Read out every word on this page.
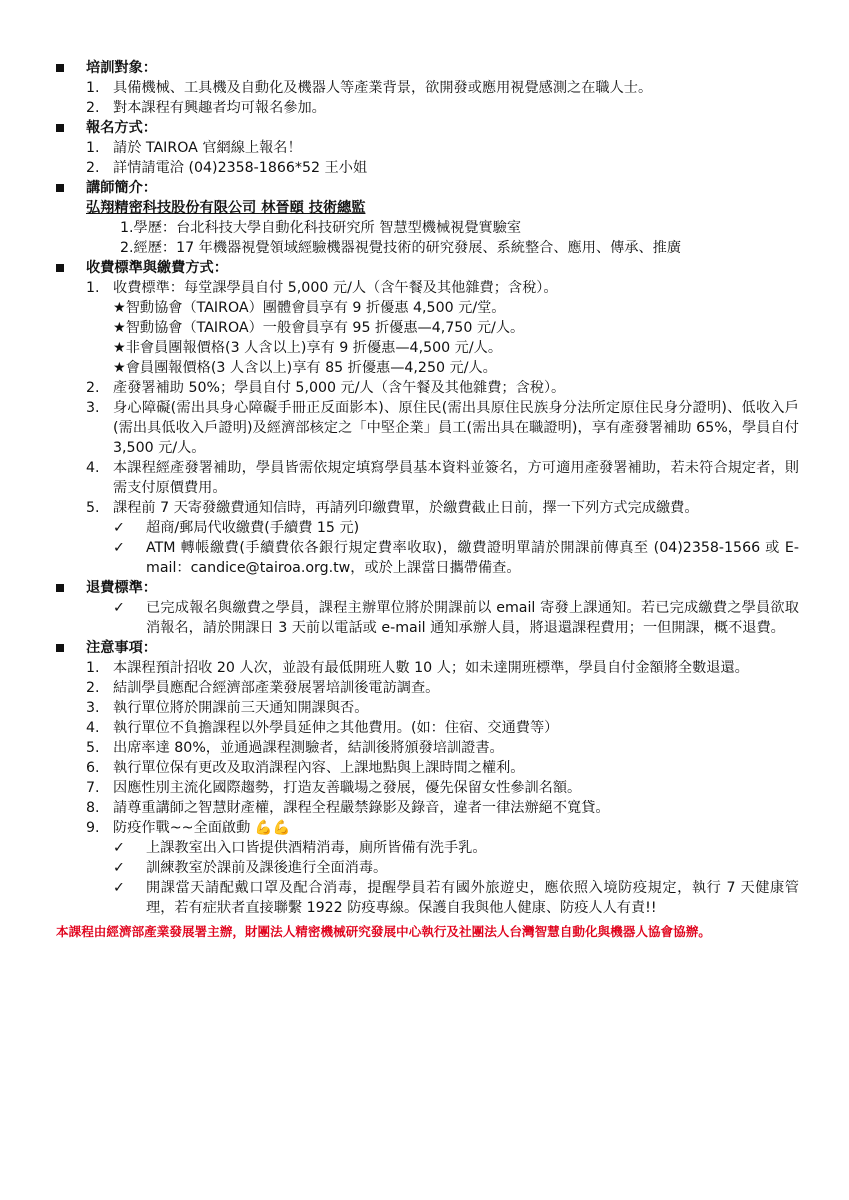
培訓對象：
1. 具備機械、工具機及自動化及機器人等產業背景，欲開發或應用視覺感測之在職人士。
2. 對本課程有興趣者均可報名參加。
報名方式：
1. 請於 TAIROA 官網線上報名！
2. 詳情請電洽 (04)2358-1866*52 王小姐
講師簡介：
弘翔精密科技股份有限公司 林晉頤 技術總監
1.學歷：台北科技大學自動化科技研究所 智慧型機械視覺實驗室
2.經歷：17 年機器視覺領域經驗機器視覺技術的研究發展、系統整合、應用、傳承、推廣
收費標準與繳費方式：
1. 收費標準：每堂課學員自付 5,000 元/人（含午餐及其他雜費；含稅）。
★智動協會（TAIROA）團體會員享有 9 折優惠 4,500 元/堂。
★智動協會（TAIROA）一般會員享有 95 折優惠—4,750 元/人。
★非會員團報價格(3 人含以上)享有 9 折優惠—4,500 元/人。
★會員團報價格(3 人含以上)享有 85 折優惠—4,250 元/人。
2. 產發署補助 50%；學員自付 5,000 元/人（含午餐及其他雜費；含稅）。
3. 身心障礙(需出具身心障礙手冊正反面影本)、原住民(需出具原住民族身分法所定原住民身分證明)、低收入戶(需出具低收入戶證明)及經濟部核定之「中堅企業」員工(需出具在職證明)，享有產發署補助 65%，學員自付 3,500 元/人。
4. 本課程經產發署補助，學員皆需依規定填寫學員基本資料並簽名，方可適用產發署補助，若未符合規定者，則需支付原價費用。
5. 課程前 7 天寄發繳費通知信時，再請列印繳費單，於繳費截止日前，擇一下列方式完成繳費。
✓ 超商/郵局代收繳費(手續費 15 元)
✓ ATM 轉帳繳費(手續費依各銀行規定費率收取)，繳費證明單請於開課前傳真至 (04)2358-1566 或 E-mail：candice@tairoa.org.tw，或於上課當日攜帶備查。
退費標準：
✓ 已完成報名與繳費之學員，課程主辦單位將於開課前以 email 寄發上課通知。若已完成繳費之學員欲取消報名，請於開課日 3 天前以電話或 e-mail 通知承辦人員，將退還課程費用；一但開課，概不退費。
注意事項：
1. 本課程預計招收 20 人次，並設有最低開班人數 10 人；如未達開班標準，學員自付金額將全數退還。
2. 結訓學員應配合經濟部產業發展署培訓後電訪調查。
3. 執行單位將於開課前三天通知開課與否。
4. 執行單位不負擔課程以外學員延伸之其他費用。(如：住宿、交通費等）
5. 出席率達 80%，並通過課程測驗者，結訓後將頒發培訓證書。
6. 執行單位保有更改及取消課程內容、上課地點與上課時間之權利。
7. 因應性別主流化國際趨勢，打造友善職場之發展，優先保留女性參訓名額。
8. 請尊重講師之智慧財產權，課程全程嚴禁錄影及錄音，違者一律法辦絕不寬貸。
9. 防疫作戰~~全面啟動 💪💪
✓ 上課教室出入口皆提供酒精消毒，廁所皆備有洗手乳。
✓ 訓練教室於課前及課後進行全面消毒。
✓ 開課當天請配戴口罩及配合消毒，提醒學員若有國外旅遊史，應依照入境防疫規定，執行 7 天健康管理，若有症狀者直接聯繫 1922 防疫專線。保護自我與他人健康、防疫人人有責!!
本課程由經濟部產業發展署主辦，財團法人精密機械研究發展中心執行及社團法人台灣智慧自動化與機器人協會協辦。
